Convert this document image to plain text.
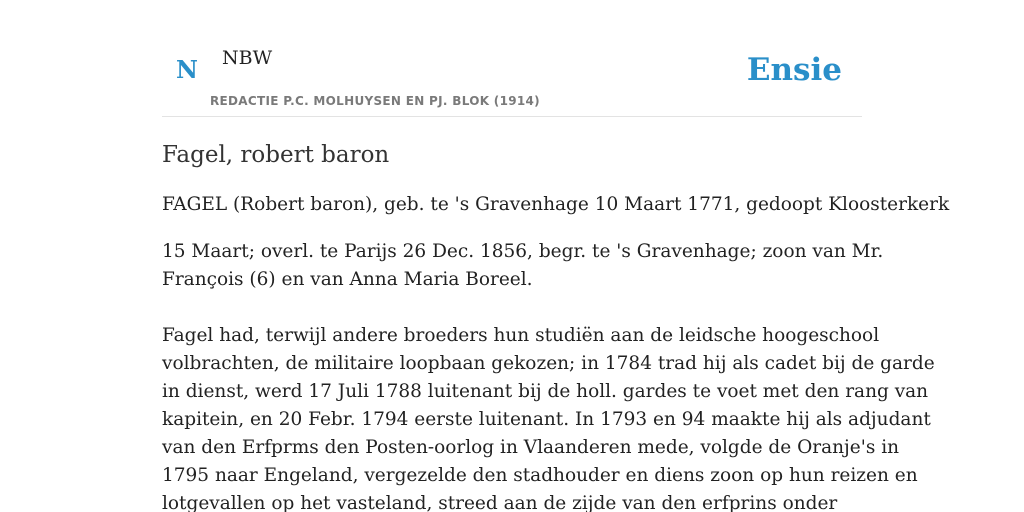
N NBW
REDACTIE P.C. MOLHUYSEN EN PJ. BLOK (1914)
Ensie
Fagel, robert baron

FAGEL (Robert baron), geb. te 's Gravenhage 10 Maart 1771, gedoopt Kloosterkerk

15 Maart; overl. te Parijs 26 Dec. 1856, begr. te 's Gravenhage; zoon van Mr.

François (6) en van Anna Maria Boreel.

Fagel had, terwijl andere broeders hun studiën aan de leidsche hoogeschool

volbrachten, de militaire loopbaan gekozen; in 1784 trad hij als cadet bij de garde

in dienst, werd 17 Juli 1788 luitenant bij de holl. gardes te voet met den rang van

kapitein, en 20 Febr. 1794 eerste luitenant. In 1793 en 94 maakte hij als adjudant

van den Erfprms den Posten-oorlog in Vlaanderen mede, volgde de Oranje's in

1795 naar Engeland, vergezelde den stadhouder en diens zoon op hun reizen en

lotgevallen op het vasteland, streed aan de zijde van den erfprins onder
